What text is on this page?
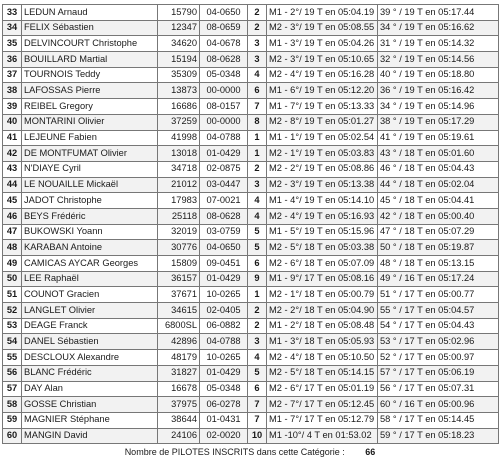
33	LEDUN Arnaud	15790	04-0650	2	M1 - 2°/ 19 T en 05:04.19	39 ° / 19 T en 05:17.44
34	FELIX Sébastien	12347	08-0659	2	M2 - 3°/ 19 T en 05:08.55	34 ° / 19 T en 05:16.62
35	DELVINCOURT Christophe	34620	04-0678	3	M1 - 3°/ 19 T en 05:04.26	31 ° / 19 T en 05:14.32
36	BOUILLARD Martial	15194	08-0628	3	M2 - 3°/ 19 T en 05:10.65	32 ° / 19 T en 05:14.56
37	TOURNOIS Teddy	35309	05-0348	4	M2 - 4°/ 19 T en 05:16.28	40 ° / 19 T en 05:18.80
38	LAFOSSAS Pierre	13873	00-0000	6	M1 - 6°/ 19 T en 05:12.20	36 ° / 19 T en 05:16.42
39	REIBEL Gregory	16686	08-0157	7	M1 - 7°/ 19 T en 05:13.33	34 ° / 19 T en 05:14.96
40	MONTARINI Olivier	37259	00-0000	8	M2 - 8°/ 19 T en 05:01.27	38 ° / 19 T en 05:17.29
41	LEJEUNE Fabien	41998	04-0788	1	M1 - 1°/ 19 T en 05:02.54	41 ° / 19 T en 05:19.61
42	DE MONTFUMAT Olivier	13018	01-0429	1	M2 - 1°/ 19 T en 05:03.83	43 ° / 18 T en 05:01.60
43	N'DIAYE Cyril	34718	02-0875	2	M2 - 2°/ 19 T en 05:08.86	46 ° / 18 T en 05:04.43
44	LE NOUAILLE Mickaël	21012	03-0447	3	M2 - 3°/ 19 T en 05:13.38	44 ° / 18 T en 05:02.04
45	JADOT Christophe	17983	07-0021	4	M1 - 4°/ 19 T en 05:14.10	45 ° / 18 T en 05:04.41
46	BEYS Frédéric	25118	08-0628	4	M2 - 4°/ 19 T en 05:16.93	42 ° / 18 T en 05:00.40
47	BUKOWSKI Yoann	32019	03-0759	5	M1 - 5°/ 19 T en 05:15.96	47 ° / 18 T en 05:07.29
48	KARABAN Antoine	30776	04-0650	5	M2 - 5°/ 18 T en 05:03.38	50 ° / 18 T en 05:19.87
49	CAMICAS AYCAR Georges	15809	09-0451	6	M2 - 6°/ 18 T en 05:07.09	48 ° / 18 T en 05:13.15
50	LEE Raphaël	36157	01-0429	9	M1 - 9°/ 17 T en 05:08.16	49 ° / 16 T en 05:17.24
51	COUNOT Gracien	37671	10-0265	1	M2 - 1°/ 18 T en 05:00.79	51 ° / 17 T en 05:00.77
52	LANGLET Olivier	34615	02-0405	2	M2 - 2°/ 18 T en 05:04.90	55 ° / 17 T en 05:04.57
53	DEAGE Franck	6800SL	06-0882	2	M1 - 2°/ 18 T en 05:08.48	54 ° / 17 T en 05:04.43
54	DANEL Sébastien	42896	04-0788	3	M1 - 3°/ 18 T en 05:05.93	53 ° / 17 T en 05:02.96
55	DESCLOUX Alexandre	48179	10-0265	4	M2 - 4°/ 18 T en 05:10.50	52 ° / 17 T en 05:00.97
56	BLANC Frédéric	31827	01-0429	5	M2 - 5°/ 18 T en 05:14.15	57 ° / 17 T en 05:06.19
57	DAY Alan	16678	05-0348	6	M2 - 6°/ 17 T en 05:01.19	56 ° / 17 T en 05:07.31
58	GOSSE Christian	37975	06-0278	7	M2 - 7°/ 17 T en 05:12.45	60 ° / 16 T en 05:00.96
59	MAGNIER Stéphane	38644	01-0431	7	M1 - 7°/ 17 T en 05:12.79	58 ° / 17 T en 05:14.45
60	MANGIN David	24106	02-0020	10	M1 -10°/ 4 T en 01:53.02	59 ° / 17 T en 05:18.23
Nombre de PILOTES INSCRITS dans cette Catégorie : 66
